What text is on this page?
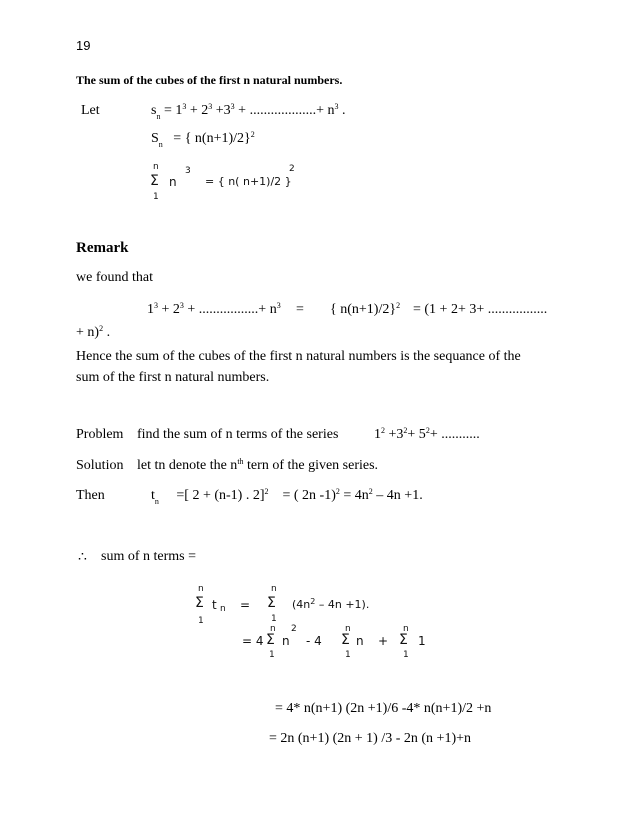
19
The sum of the cubes of the first n natural numbers.
Let	$s_n = 1^3 + 2^3 +3^3$ + ...................+ $n^3$ .
$S_n$ = { n(n+1)/2}$^2$
n
Σ
1
n
3
= { n( n+1)/2 }
2
Remark
we found that
$1^3 + 2^3$ + .................+ $n^3$ = { n(n+1)/2}$^2$ = (1 + 2+ 3+ .................
+ n)$^2$ .
Hence the sum of the cubes of the first n natural numbers is the sequance of the
sum of the first n natural numbers.
Problem find the sum of n terms of the series	$1^2 +3^2+ 5^2+$ ...........
Solution let tn denote the $n^{th}$ tern of the given series.
Then	$t_n$ =[ 2 + (n-1) . 2]$^2$ = ( 2n $-1)^2 = 4n^2 - 4n +1$.
∴ sum of n terms =
n
Σ t n
1
=
n
Σ
1
$(4n^2 - 4n +1)$.
= 4
n
Σ
1
n
2
- 4
n
Σ n
1
+
n
Σ 1
1
= 4* n(n+1) (2n +1)/6 -4* n(n+1)/2 +n
= 2n (n+1) (2n + 1) /3 - 2n (n +1)+n
